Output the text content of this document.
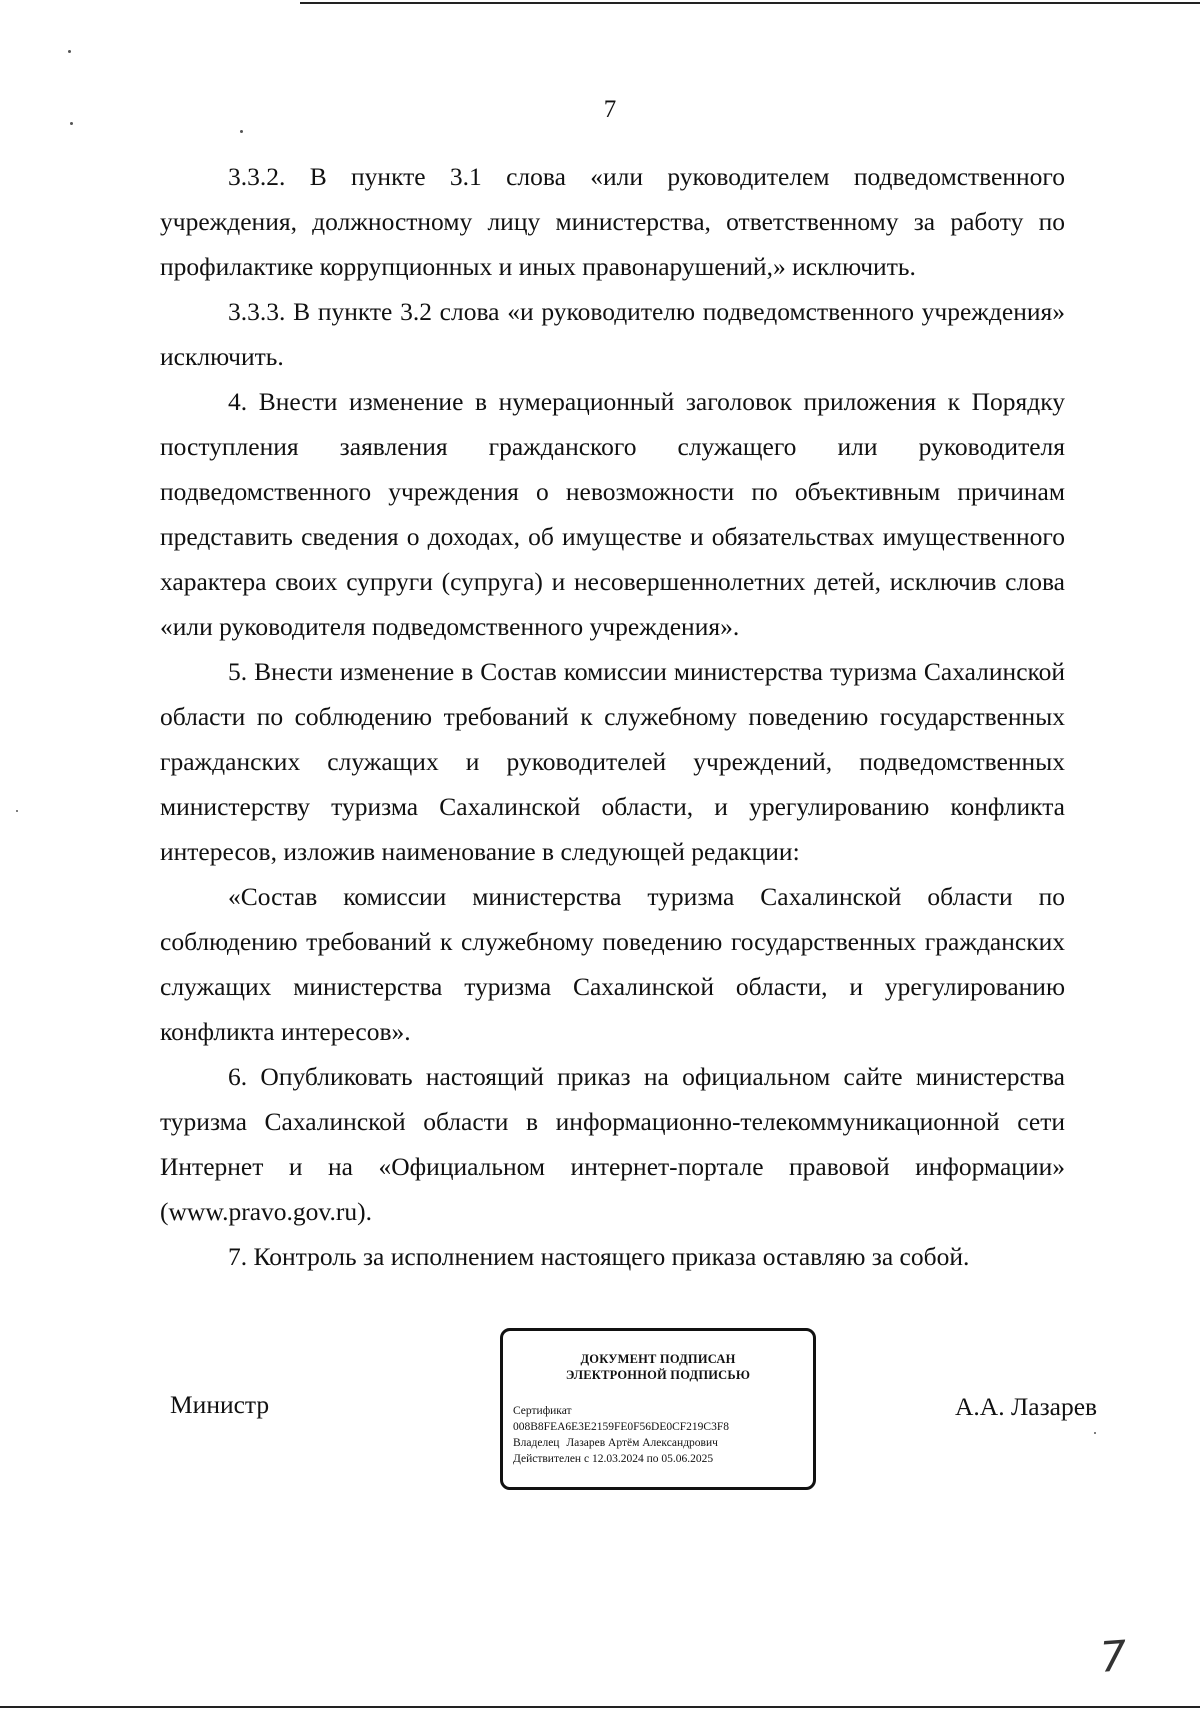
7

3.3.2. В пункте 3.1 слова «или руководителем подведомственного учреждения, должностному лицу министерства, ответственному за работу по профилактике коррупционных и иных правонарушений,» исключить.

3.3.3. В пункте 3.2 слова «и руководителю подведомственного учреждения» исключить.

4. Внести изменение в нумерационный заголовок приложения к Порядку поступления заявления гражданского служащего или руководителя подведомственного учреждения о невозможности по объективным причинам представить сведения о доходах, об имуществе и обязательствах имущественного характера своих супруги (супруга) и несовершеннолетних детей, исключив слова «или руководителя подведомственного учреждения».

5. Внести изменение в Состав комиссии министерства туризма Сахалинской области по соблюдению требований к служебному поведению государственных гражданских служащих и руководителей учреждений, подведомственных министерству туризма Сахалинской области, и урегулированию конфликта интересов, изложив наименование в следующей редакции:

«Состав комиссии министерства туризма Сахалинской области по соблюдению требований к служебному поведению государственных гражданских служащих министерства туризма Сахалинской области, и урегулированию конфликта интересов».

6. Опубликовать настоящий приказ на официальном сайте министерства туризма Сахалинской области в информационно-телекоммуникационной сети Интернет и на «Официальном интернет-портале правовой информации» (www.pravo.gov.ru).

7. Контроль за исполнением настоящего приказа оставляю за собой.

Министр
ДОКУМЕНТ ПОДПИСАН
ЭЛЕКТРОННОЙ ПОДПИСЬЮ
Сертификат
008B8FEA6E3E2159FE0F56DE0CF219C3F8
Владелец Лазарев Артём Александрович
Действителен с 12.03.2024 по 05.06.2025
А.А. Лазарев
7
